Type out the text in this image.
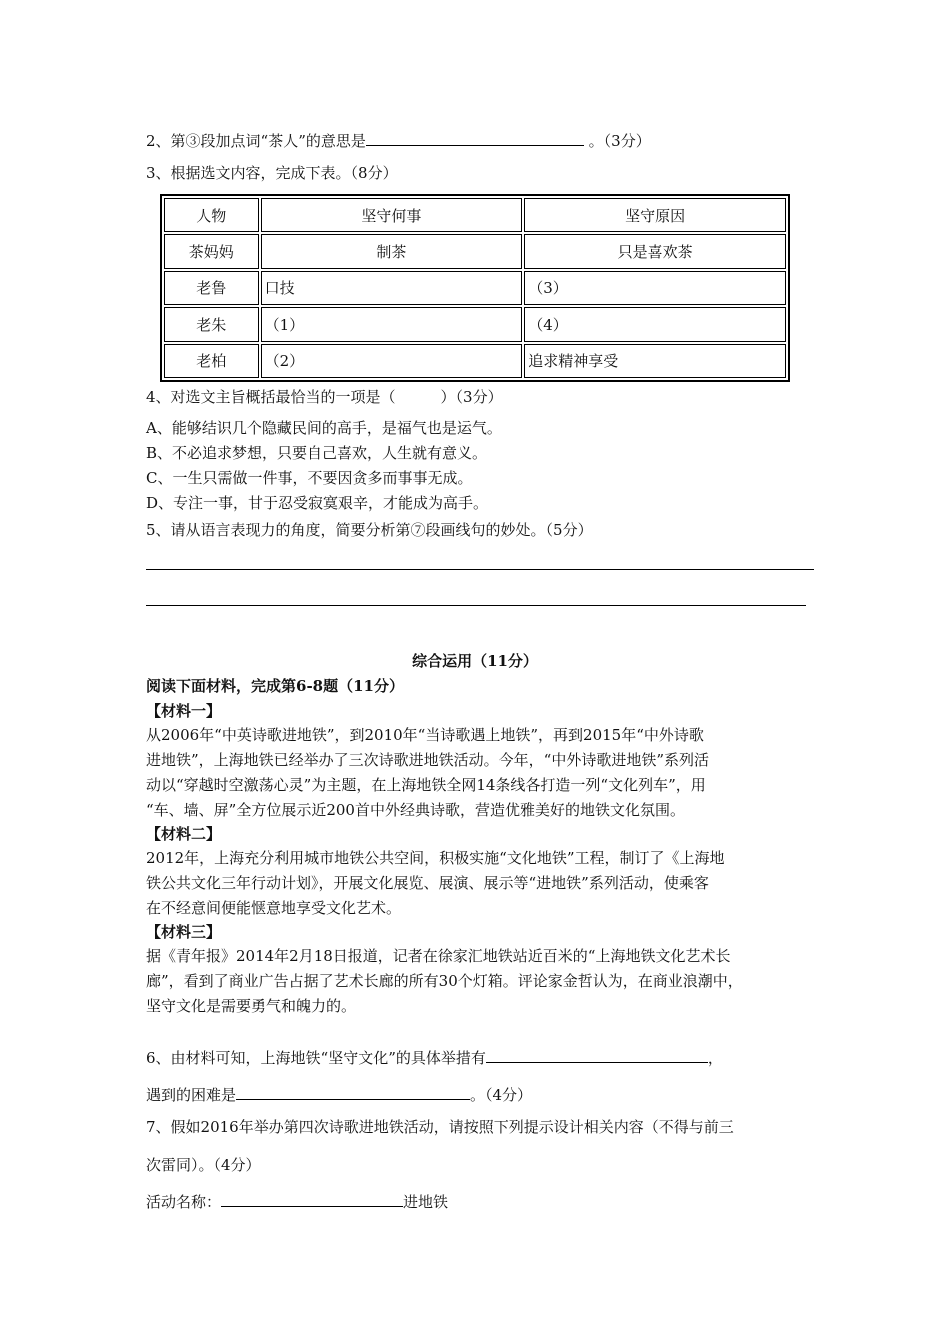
2、第③段加点词“茶人”的意思是	。（3分）
3、根据选文内容，完成下表。（8分）
人物	坚守何事	坚守原因
茶妈妈	制茶	只是喜欢茶
老鲁	口技	（3）
老朱	（1）	（4）
老柏	（2）	追求精神享受
4、对选文主旨概括最恰当的一项是（　　　）（3分）
A、能够结识几个隐藏民间的高手，是福气也是运气。
B、不必追求梦想，只要自己喜欢，人生就有意义。
C、一生只需做一件事，不要因贪多而事事无成。
D、专注一事，甘于忍受寂寞艰辛，才能成为高手。
5、请从语言表现力的角度，简要分析第⑦段画线句的妙处。（5分）
综合运用（11分）
阅读下面材料，完成第6-8题（11分）
【材料一】
从2006年“中英诗歌进地铁”，到2010年“当诗歌遇上地铁”，再到2015年“中外诗歌
进地铁”，上海地铁已经举办了三次诗歌进地铁活动。今年，“中外诗歌进地铁”系列活
动以“穿越时空激荡心灵”为主题，在上海地铁全网14条线各打造一列“文化列车”，用
“车、墙、屏”全方位展示近200首中外经典诗歌，营造优雅美好的地铁文化氛围。
【材料二】
2012年，上海充分利用城市地铁公共空间，积极实施“文化地铁”工程，制订了《上海地
铁公共文化三年行动计划》，开展文化展览、展演、展示等“进地铁”系列活动，使乘客
在不经意间便能惬意地享受文化艺术。
【材料三】
据《青年报》2014年2月18日报道，记者在徐家汇地铁站近百米的“上海地铁文化艺术长
廊”，看到了商业广告占据了艺术长廊的所有30个灯箱。评论家金哲认为，在商业浪潮中，
坚守文化是需要勇气和魄力的。
6、由材料可知，上海地铁“坚守文化”的具体举措有	，
遇到的困难是	。（4分）
7、假如2016年举办第四次诗歌进地铁活动，请按照下列提示设计相关内容（不得与前三
次雷同）。（4分）
活动名称：	进地铁
